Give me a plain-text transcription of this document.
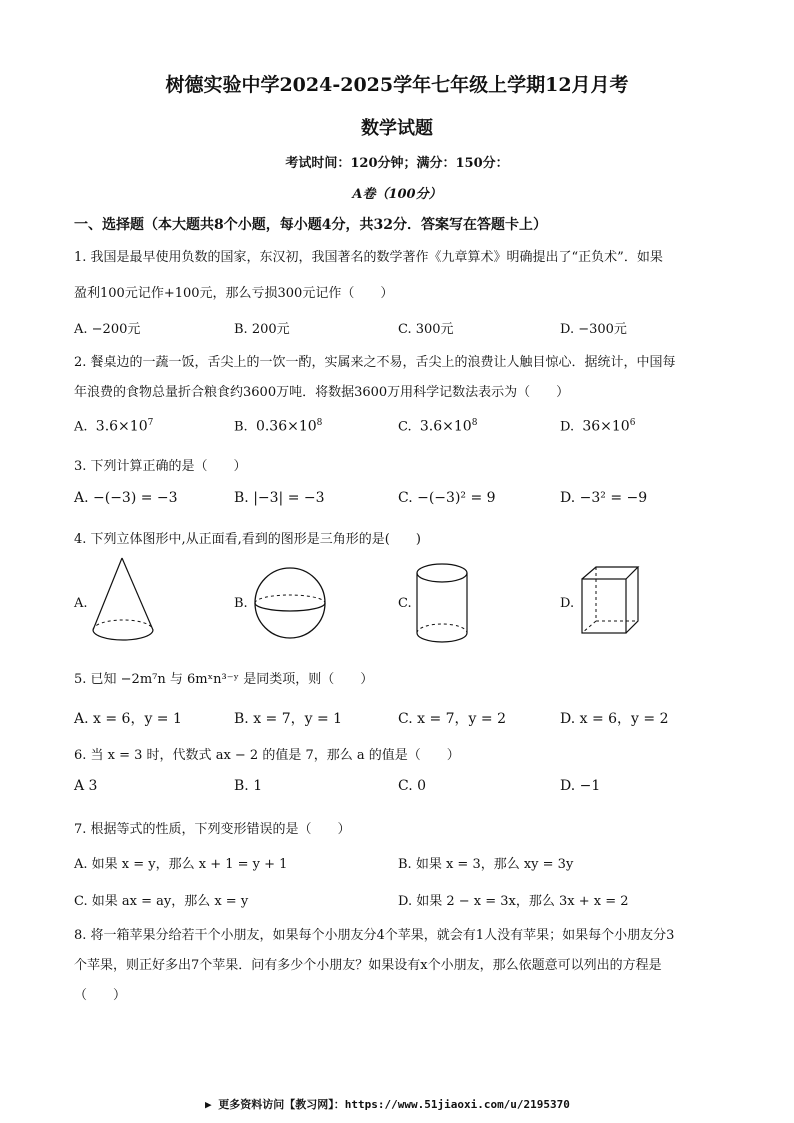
树德实验中学2024-2025学年七年级上学期12月月考
数学试题
考试时间：120分钟；满分：150分：
A卷（100分）
一、选择题（本大题共8个小题，每小题4分，共32分．答案写在答题卡上）
1. 我国是最早使用负数的国家，东汉初，我国著名的数学著作《九章算术》明确提出了“正负术”．如果
盈利100元记作+100元，那么亏损300元记作（　　）
A. −200元	B. 200元	C. 300元	D. −300元
2. 餐桌边的一蔬一饭，舌尖上的一饮一酌，实属来之不易，舌尖上的浪费让人触目惊心．据统计，中国每
年浪费的食物总量折合粮食约3600万吨．将数据3600万用科学记数法表示为（　　）
A. $3.6\times 10^7$	B. $0.36\times 10^8$	C. $3.6\times 10^8$	D. $36\times 10^6$
3. 下列计算正确的是（　　）
A. −(−3) = −3	B. |−3| = −3	C. −(−3)² = 9	D. −3² = −9
4. 下列立体图形中,从正面看,看到的图形是三角形的是(　　)
A.	B.	C.	D.
5. 已知 −2m⁷n 与 6mˣn³⁻ʸ 是同类项，则（　　）
A. x = 6，y = 1	B. x = 7，y = 1	C. x = 7，y = 2	D. x = 6，y = 2
6. 当 x = 3 时，代数式 ax − 2 的值是 7，那么 a 的值是（　　）
A 3	B. 1	C. 0	D. −1
7. 根据等式的性质，下列变形错误的是（　　）
A. 如果 x = y，那么 x + 1 = y + 1	B. 如果 x = 3，那么 xy = 3y
C. 如果 ax = ay，那么 x = y	D. 如果 2 − x = 3x，那么 3x + x = 2
8. 将一箱苹果分给若干个小朋友，如果每个小朋友分4个苹果，就会有1人没有苹果；如果每个小朋友分3
个苹果，则正好多出7个苹果．问有多少个小朋友？如果设有x个小朋友，那么依题意可以列出的方程是
（　　）
▶ 更多资料访问【教习网】：https://www.51jiaoxi.com/u/2195370
